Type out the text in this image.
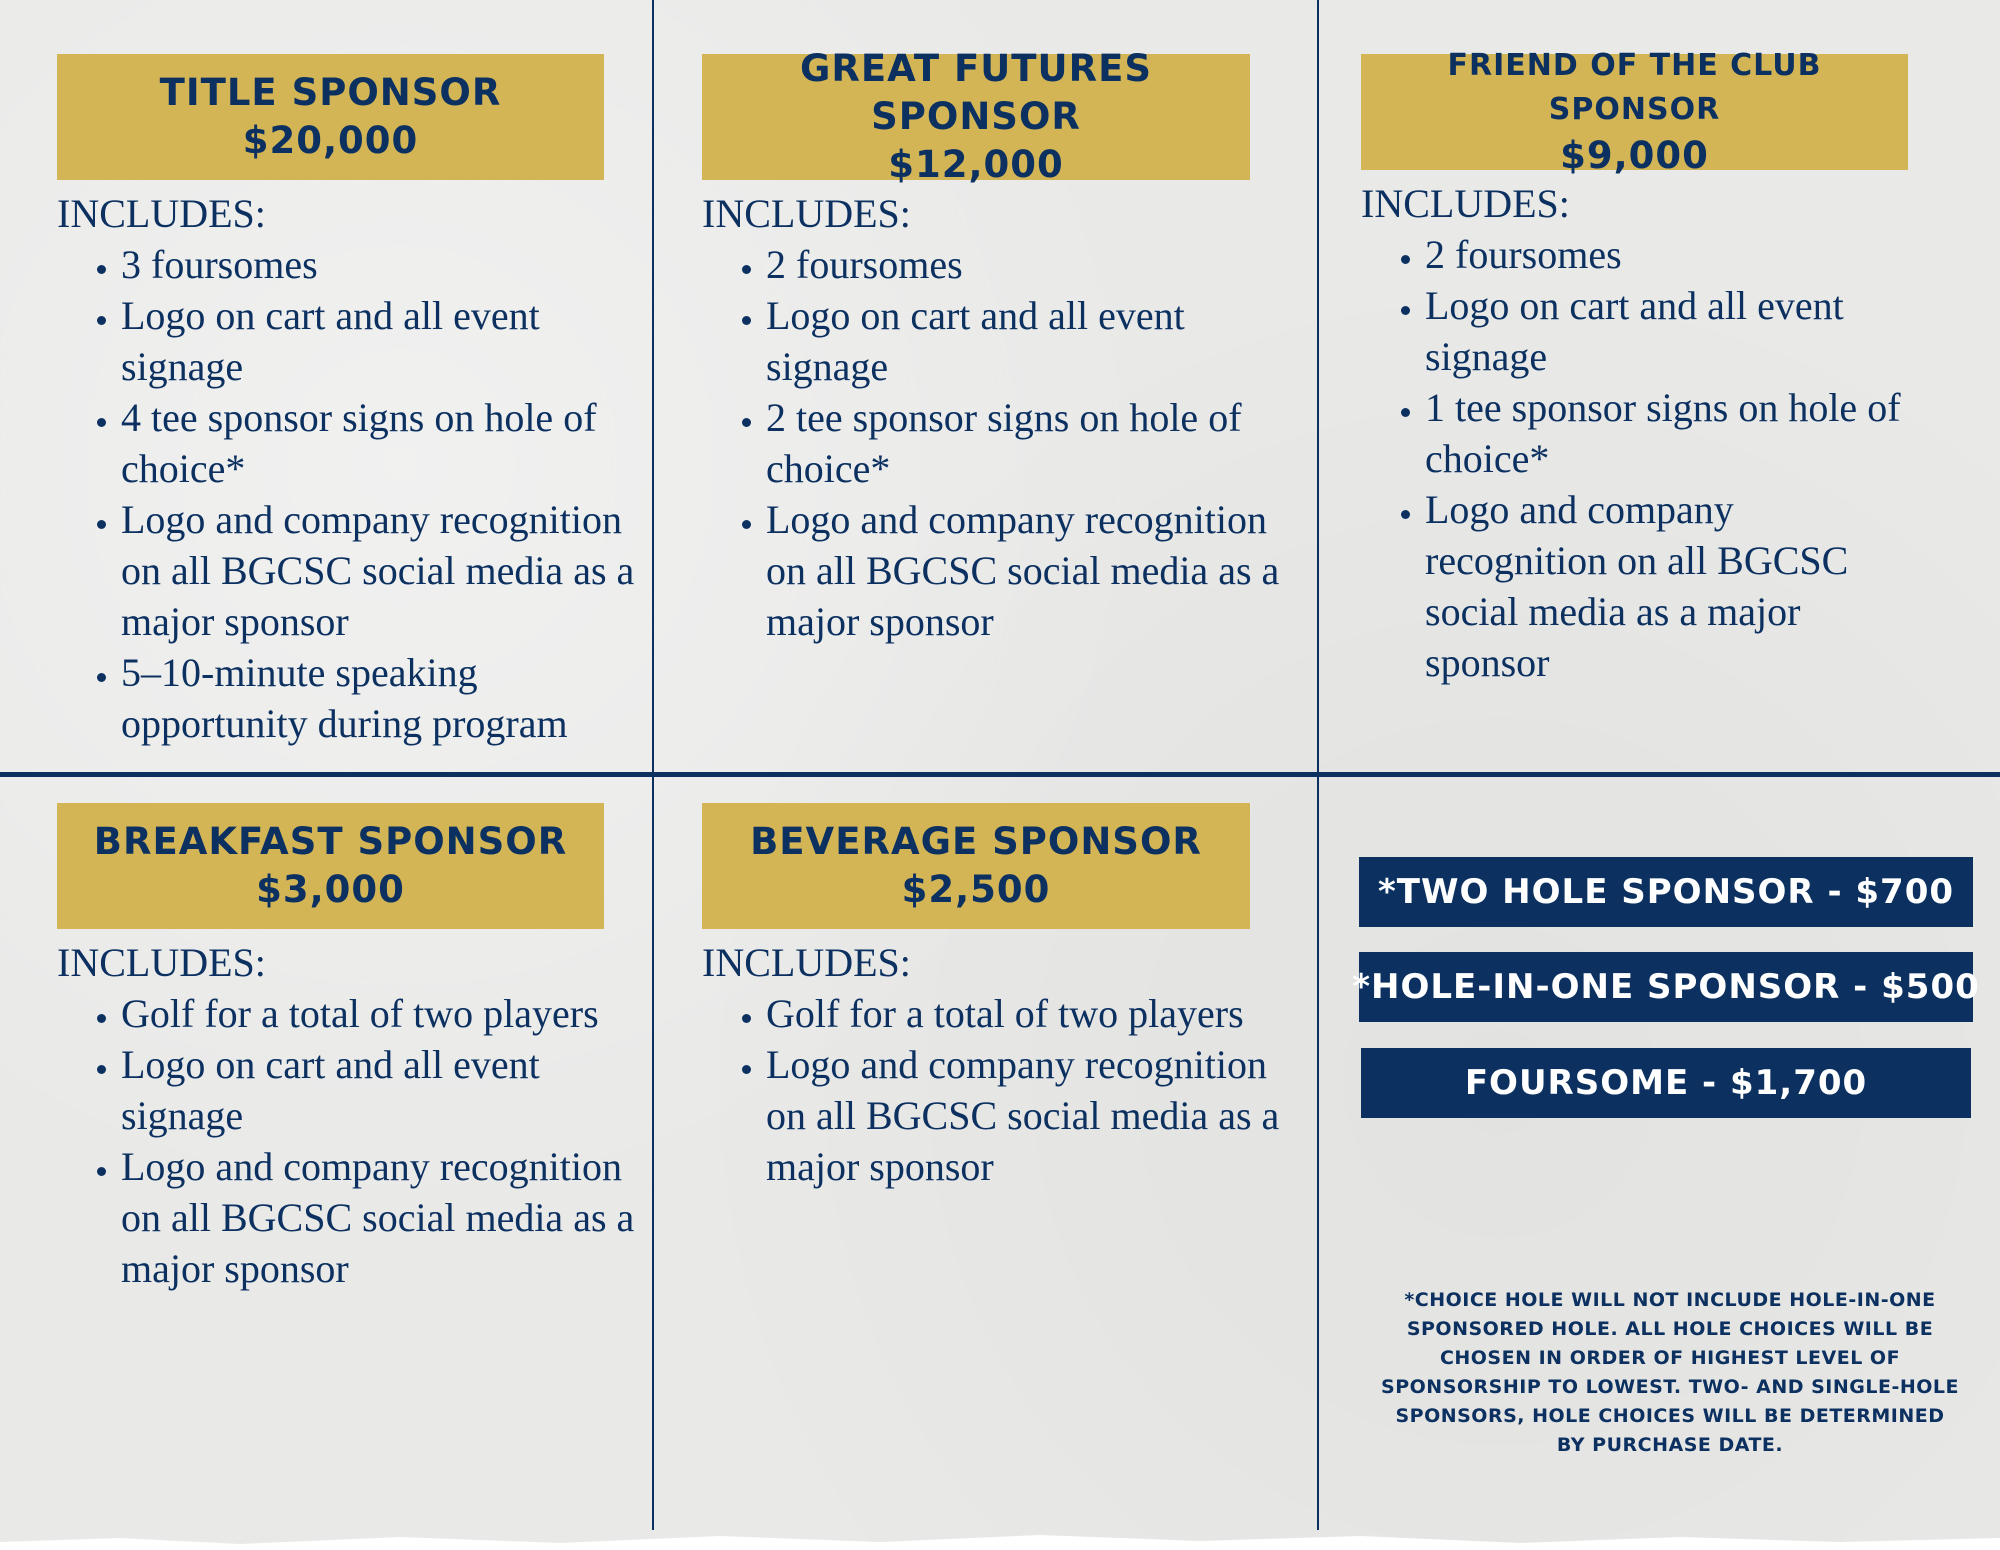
TITLE SPONSOR
$20,000
INCLUDES:
• 3 foursomes
• Logo on cart and all event signage
• 4 tee sponsor signs on hole of choice*
• Logo and company recognition on all BGCSC social media as a major sponsor
• 5–10-minute speaking opportunity during program
GREAT FUTURES SPONSOR
$12,000
INCLUDES:
• 2 foursomes
• Logo on cart and all event signage
• 2 tee sponsor signs on hole of choice*
• Logo and company recognition on all BGCSC social media as a major sponsor
FRIEND OF THE CLUB SPONSOR
$9,000
INCLUDES:
• 2 foursomes
• Logo on cart and all event signage
• 1 tee sponsor signs on hole of choice*
• Logo and company recognition on all BGCSC social media as a major sponsor
BREAKFAST SPONSOR
$3,000
INCLUDES:
• Golf for a total of two players
• Logo on cart and all event signage
• Logo and company recognition on all BGCSC social media as a major sponsor
BEVERAGE SPONSOR
$2,500
INCLUDES:
• Golf for a total of two players
• Logo and company recognition on all BGCSC social media as a major sponsor
*TWO HOLE SPONSOR - $700
*HOLE-IN-ONE SPONSOR - $500
FOURSOME - $1,700
*CHOICE HOLE WILL NOT INCLUDE HOLE-IN-ONE SPONSORED HOLE. ALL HOLE CHOICES WILL BE CHOSEN IN ORDER OF HIGHEST LEVEL OF SPONSORSHIP TO LOWEST. TWO- AND SINGLE-HOLE SPONSORS, HOLE CHOICES WILL BE DETERMINED BY PURCHASE DATE.
